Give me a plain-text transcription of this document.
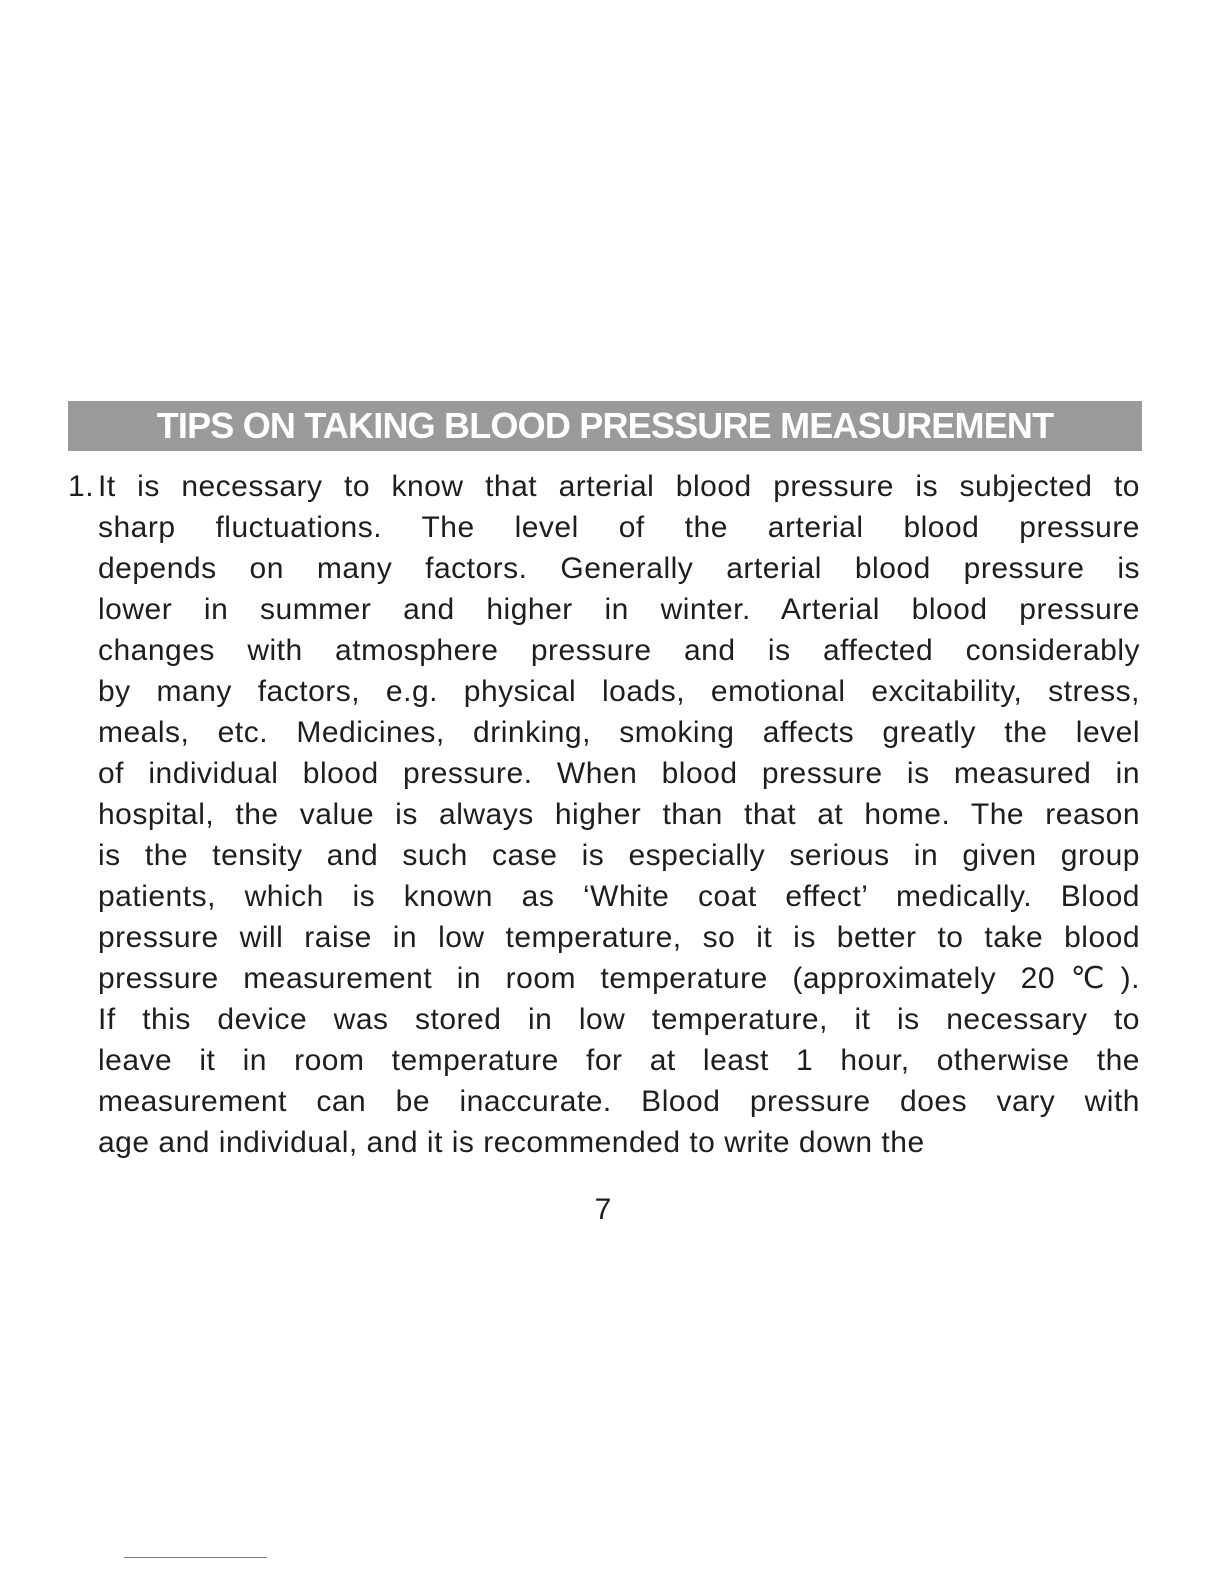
TIPS ON TAKING BLOOD PRESSURE MEASUREMENT
1. It is necessary to know that arterial blood pressure is subjected to
sharp fluctuations. The level of the arterial blood pressure
depends on many factors. Generally arterial blood pressure is
lower in summer and higher in winter. Arterial blood pressure
changes with atmosphere pressure and is affected considerably
by many factors, e.g. physical loads, emotional excitability, stress,
meals, etc. Medicines, drinking, smoking affects greatly the level
of individual blood pressure. When blood pressure is measured in
hospital, the value is always higher than that at home. The reason
is the tensity and such case is especially serious in given group
patients, which is known as ‘White coat effect’ medically. Blood
pressure will raise in low temperature, so it is better to take blood
pressure measurement in room temperature (approximately 20℃).
If this device was stored in low temperature, it is necessary to
leave it in room temperature for at least 1 hour, otherwise the
measurement can be inaccurate. Blood pressure does vary with
age and individual, and it is recommended to write down the
7
